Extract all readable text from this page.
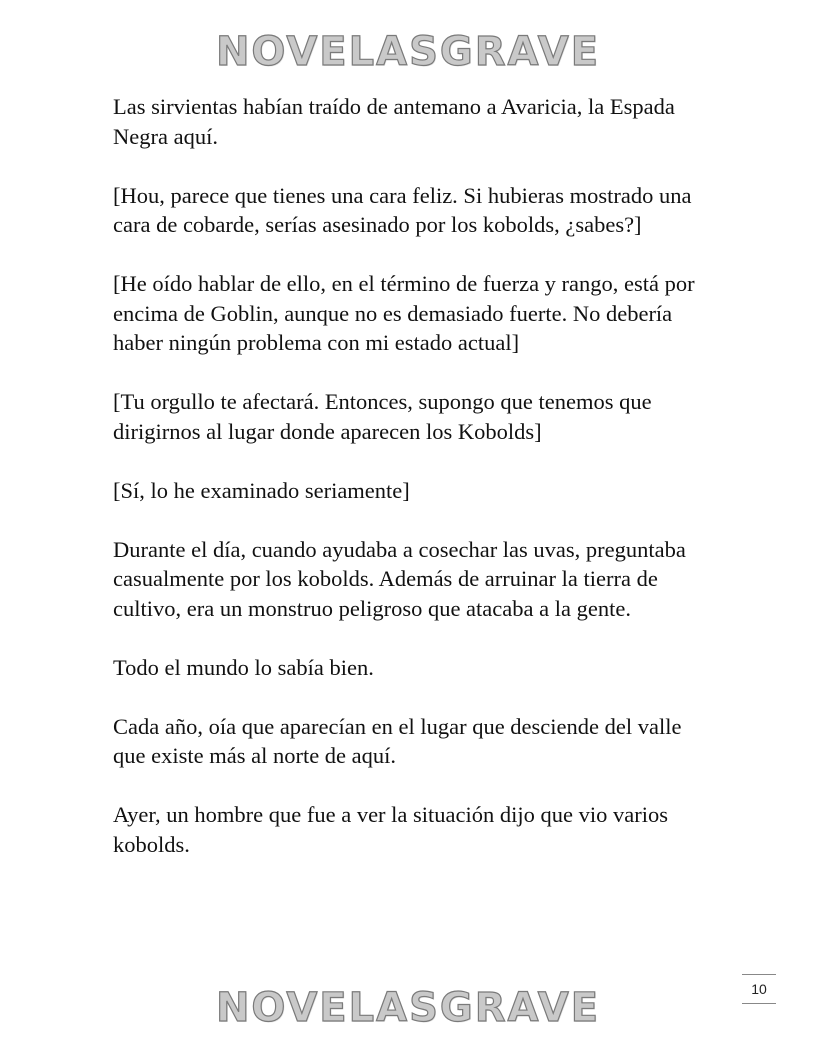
NOVELASGRAVE

Las sirvientas habían traído de antemano a Avaricia, la Espada Negra aquí.

[Hou, parece que tienes una cara feliz. Si hubieras mostrado una cara de cobarde, serías asesinado por los kobolds, ¿sabes?]

[He oído hablar de ello, en el término de fuerza y rango, está por encima de Goblin, aunque no es demasiado fuerte. No debería haber ningún problema con mi estado actual]

[Tu orgullo te afectará. Entonces, supongo que tenemos que dirigirnos al lugar donde aparecen los Kobolds]

[Sí, lo he examinado seriamente]

Durante el día, cuando ayudaba a cosechar las uvas, preguntaba casualmente por los kobolds. Además de arruinar la tierra de cultivo, era un monstruo peligroso que atacaba a la gente.

Todo el mundo lo sabía bien.

Cada año, oía que aparecían en el lugar que desciende del valle que existe más al norte de aquí.

Ayer, un hombre que fue a ver la situación dijo que vio varios kobolds.

10
NOVELASGRAVE
